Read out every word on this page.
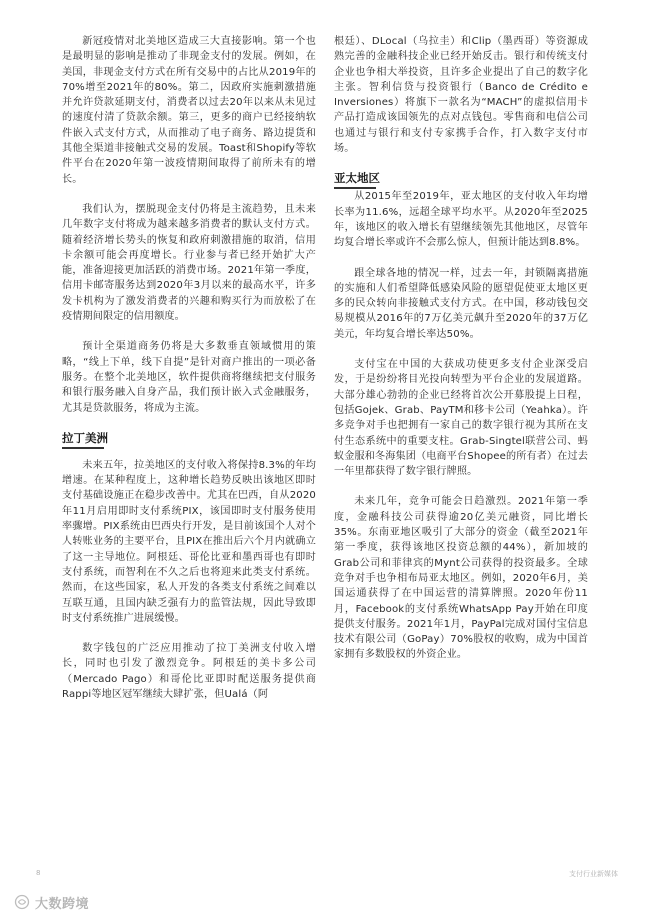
新冠疫情对北美地区造成三大直接影响。第一个也是最明显的影响是推动了非现金支付的发展。例如，在美国，非现金支付方式在所有交易中的占比从2019年的70%增至2021年的80%。第二，因政府实施刺激措施并允许贷款延期支付，消费者以过去20年以来从未见过的速度付清了贷款余额。第三，更多的商户已经接纳软件嵌入式支付方式，从而推动了电子商务、路边提货和其他全渠道非接触式交易的发展。Toast和Shopify等软件平台在2020年第一波疫情期间取得了前所未有的增长。

我们认为，摆脱现金支付仍将是主流趋势，且未来几年数字支付将成为越来越多消费者的默认支付方式。随着经济增长势头的恢复和政府刺激措施的取消，信用卡余额可能会再度增长。行业参与者已经开始扩大产能，准备迎接更加活跃的消费市场。2021年第一季度，信用卡邮寄服务达到2020年3月以来的最高水平，许多发卡机构为了激发消费者的兴趣和购买行为而放松了在疫情期间限定的信用额度。

预计全渠道商务仍将是大多数垂直领域惯用的策略，“线上下单，线下自提”是针对商户推出的一项必备服务。在整个北美地区，软件提供商将继续把支付服务和银行服务融入自身产品，我们预计嵌入式金融服务，尤其是贷款服务，将成为主流。

拉丁美洲

未来五年，拉美地区的支付收入将保持8.3%的年均增速。在某种程度上，这种增长趋势反映出该地区即时支付基础设施正在稳步改善中。尤其在巴西，自从2020年11月启用即时支付系统PIX，该国即时支付服务使用率骤增。PIX系统由巴西央行开发，是目前该国个人对个人转账业务的主要平台，且PIX在推出后六个月内就确立了这一主导地位。阿根廷、哥伦比亚和墨西哥也有即时支付系统，而智利在不久之后也将迎来此类支付系统。然而，在这些国家，私人开发的各类支付系统之间难以互联互通，且国内缺乏强有力的监管法规，因此导致即时支付系统推广进展缓慢。

数字钱包的广泛应用推动了拉丁美洲支付收入增长，同时也引发了激烈竞争。阿根廷的美卡多公司（Mercado Pago）和哥伦比亚即时配送服务提供商Rappi等地区冠军继续大肆扩张，但Ualá（阿

根廷）、DLocal（乌拉圭）和Clip（墨西哥）等资源成熟完善的金融科技企业已经开始反击。银行和传统支付企业也争相大举投资，且许多企业提出了自己的数字化主张。智利信贷与投资银行（Banco de Crédito e Inversiones）将旗下一款名为“MACH”的虚拟信用卡产品打造成该国领先的点对点钱包。零售商和电信公司也通过与银行和支付专家携手合作，打入数字支付市场。

亚太地区

从2015年至2019年，亚太地区的支付收入年均增长率为11.6%，远超全球平均水平。从2020年至2025年，该地区的收入增长有望继续领先其他地区，尽管年均复合增长率或许不会那么惊人，但预计能达到8.8%。

跟全球各地的情况一样，过去一年，封锁隔离措施的实施和人们希望降低感染风险的愿望促使亚太地区更多的民众转向非接触式支付方式。在中国，移动钱包交易规模从2016年的7万亿美元飙升至2020年的37万亿美元，年均复合增长率达50%。

支付宝在中国的大获成功使更多支付企业深受启发，于是纷纷将目光投向转型为平台企业的发展道路。大部分雄心勃勃的企业已经将首次公开募股提上日程，包括Gojek、Grab、PayTM和移卡公司（Yeahka）。许多竞争对手也把拥有一家自己的数字银行视为其所在支付生态系统中的重要支柱。Grab-Singtel联营公司、蚂蚁金服和冬海集团（电商平台Shopee的所有者）在过去一年里都获得了数字银行牌照。

未来几年，竞争可能会日趋激烈。2021年第一季度，金融科技公司获得逾20亿美元融资，同比增长35%。东南亚地区吸引了大部分的资金（截至2021年第一季度，获得该地区投资总额的44%），新加坡的Grab公司和菲律宾的Mynt公司获得的投资最多。全球竞争对手也争相布局亚太地区。例如，2020年6月，美国运通获得了在中国运营的清算牌照。2020年份11月，Facebook的支付系统WhatsApp Pay开始在印度提供支付服务。2021年1月，PayPal完成对国付宝信息技术有限公司（GoPay）70%股权的收购，成为中国首家拥有多数股权的外资企业。

8	支付行业新媒体
大数跨境
